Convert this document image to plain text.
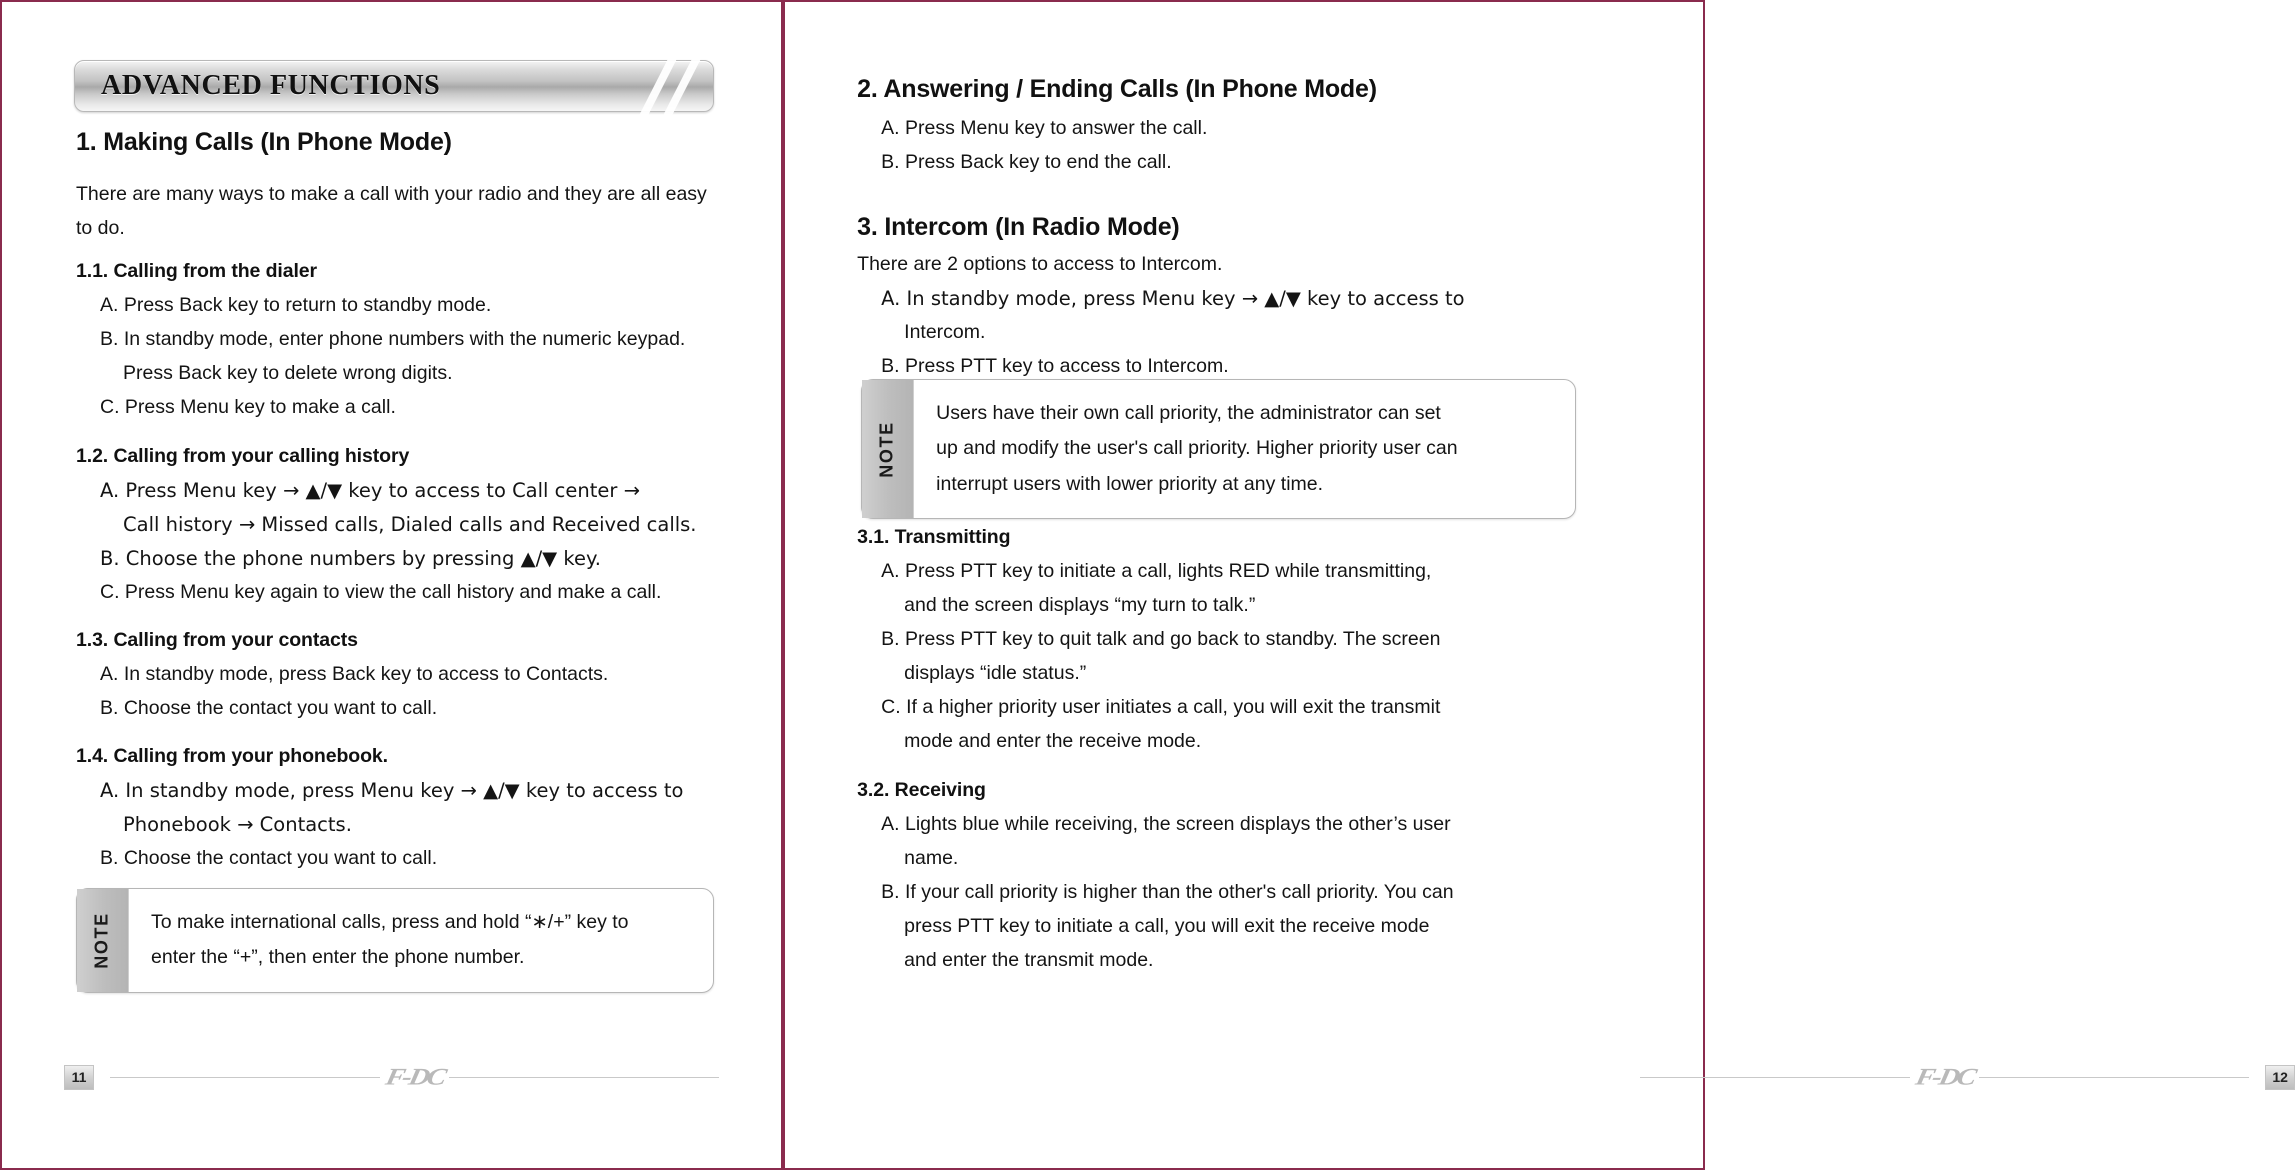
ADVANCED FUNCTIONS
1. Making Calls (In Phone Mode)
There are many ways to make a call with your radio and they are all easy to do.
1.1. Calling from the dialer
A. Press Back key to return to standby mode.
B. In standby mode, enter phone numbers with the numeric keypad.
Press Back key to delete wrong digits.
C. Press Menu key to make a call.
1.2. Calling from your calling history
A. Press Menu key → ▲/▼ key to access to Call center →
Call history → Missed calls, Dialed calls and Received calls.
B. Choose the phone numbers by pressing ▲/▼ key.
C. Press Menu key again to view the call history and make a call.
1.3. Calling from your contacts
A. In standby mode, press Back key to access to Contacts.
B. Choose the contact you want to call.
1.4. Calling from your phonebook.
A. In standby mode, press Menu key → ▲/▼ key to access to
Phonebook → Contacts.
B. Choose the contact you want to call.
NOTE To make international calls, press and hold “∗/+” key to
enter the “+”, then enter the phone number.
11	F-DC
2. Answering / Ending Calls (In Phone Mode)
A. Press Menu key to answer the call.
B. Press Back key to end the call.
3. Intercom (In Radio Mode)
There are 2 options to access to Intercom.
A. In standby mode, press Menu key → ▲/▼ key to access to
Intercom.
B. Press PTT key to access to Intercom.
NOTE
Users have their own call priority, the administrator can set
up and modify the user's call priority. Higher priority user can
interrupt users with lower priority at any time.
3.1. Transmitting
A. Press PTT key to initiate a call, lights RED while transmitting,
and the screen displays “my turn to talk.”
B. Press PTT key to quit talk and go back to standby. The screen
displays “idle status.”
C. If a higher priority user initiates a call, you will exit the transmit
mode and enter the receive mode.
3.2. Receiving
A. Lights blue while receiving, the screen displays the other’s user
name.
B. If your call priority is higher than the other's call priority. You can
press PTT key to initiate a call, you will exit the receive mode
and enter the transmit mode.
F-DC	12
